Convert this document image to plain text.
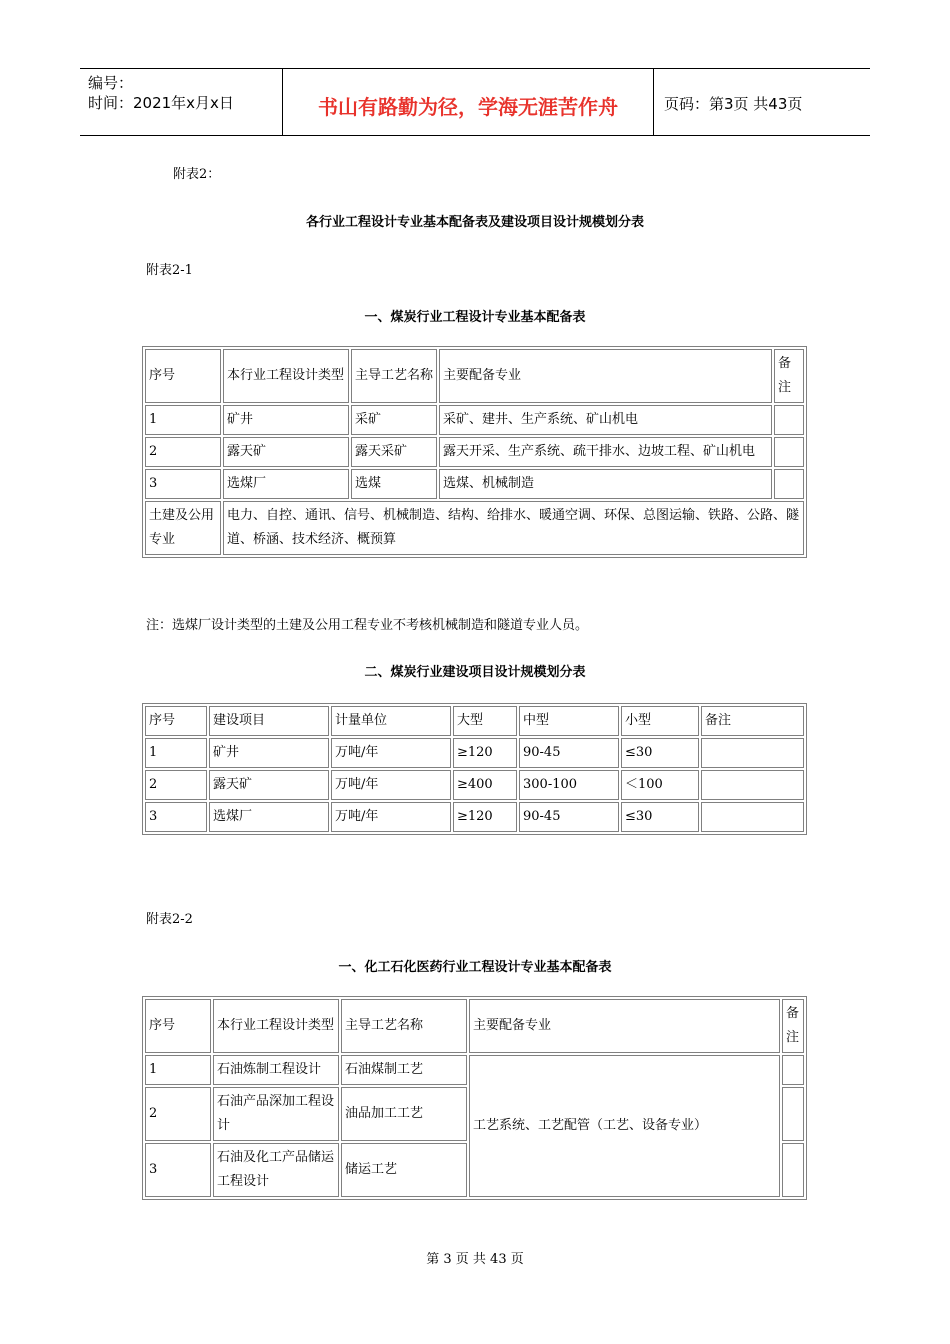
编号：
时间：2021年x月x日	书山有路勤为径，学海无涯苦作舟	页码：第3页 共43页
附表2：
各行业工程设计专业基本配备表及建设项目设计规模划分表
附表2-1
一、煤炭行业工程设计专业基本配备表
序号	本行业工程设计类型	主导工艺名称	主要配备专业	备注
1	矿井	采矿	采矿、建井、生产系统、矿山机电	
2	露天矿	露天采矿	露天开采、生产系统、疏干排水、边坡工程、矿山机电	
3	选煤厂	选煤	选煤、机械制造	
土建及公用专业	电力、自控、通讯、信号、机械制造、结构、给排水、暖通空调、环保、总图运输、铁路、公路、隧道、桥涵、技术经济、概预算			
注：选煤厂设计类型的土建及公用工程专业不考核机械制造和隧道专业人员。
二、煤炭行业建设项目设计规模划分表
序号	建设项目	计量单位	大型	中型	小型	备注
1	矿井	万吨/年	≥120	90-45	≤30	
2	露天矿	万吨/年	≥400	300-100	＜100	
3	选煤厂	万吨/年	≥120	90-45	≤30	
附表2-2
一、化工石化医药行业工程设计专业基本配备表
序号	本行业工程设计类型	主导工艺名称	主要配备专业	备注
1	石油炼制工程设计	石油煤制工艺	工艺系统、工艺配管（工艺、设备专业）	
2	石油产品深加工程设计	油品加工工艺		
3	石油及化工产品储运工程设计	储运工艺		
第 3 页 共 43 页
